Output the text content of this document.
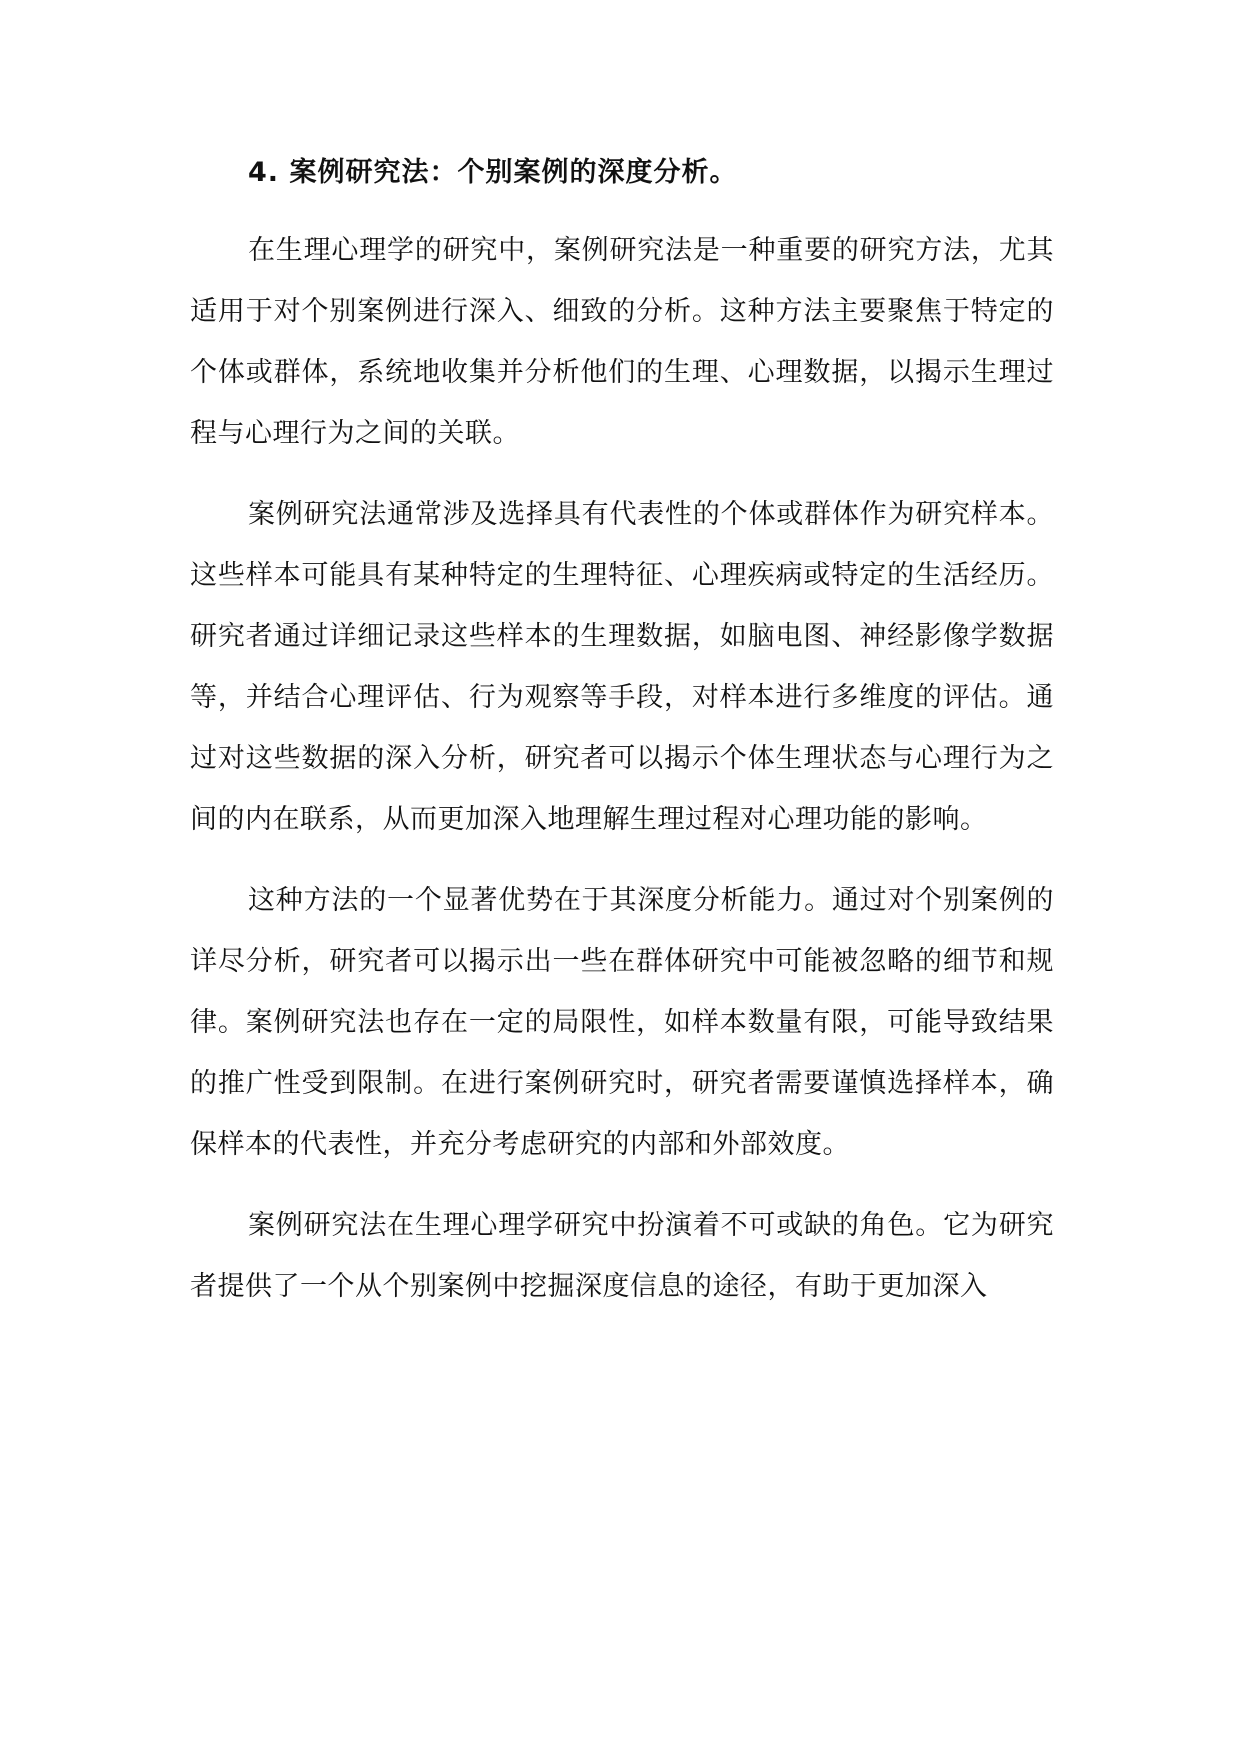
4. 案例研究法：个别案例的深度分析。

在生理心理学的研究中，案例研究法是一种重要的研究方法，尤其适用于对个别案例进行深入、细致的分析。这种方法主要聚焦于特定的个体或群体，系统地收集并分析他们的生理、心理数据，以揭示生理过程与心理行为之间的关联。

案例研究法通常涉及选择具有代表性的个体或群体作为研究样本。这些样本可能具有某种特定的生理特征、心理疾病或特定的生活经历。研究者通过详细记录这些样本的生理数据，如脑电图、神经影像学数据等，并结合心理评估、行为观察等手段，对样本进行多维度的评估。通过对这些数据的深入分析，研究者可以揭示个体生理状态与心理行为之间的内在联系，从而更加深入地理解生理过程对心理功能的影响。

这种方法的一个显著优势在于其深度分析能力。通过对个别案例的详尽分析，研究者可以揭示出一些在群体研究中可能被忽略的细节和规律。案例研究法也存在一定的局限性，如样本数量有限，可能导致结果的推广性受到限制。在进行案例研究时，研究者需要谨慎选择样本，确保样本的代表性，并充分考虑研究的内部和外部效度。

案例研究法在生理心理学研究中扮演着不可或缺的角色。它为研究者提供了一个从个别案例中挖掘深度信息的途径，有助于更加深入
